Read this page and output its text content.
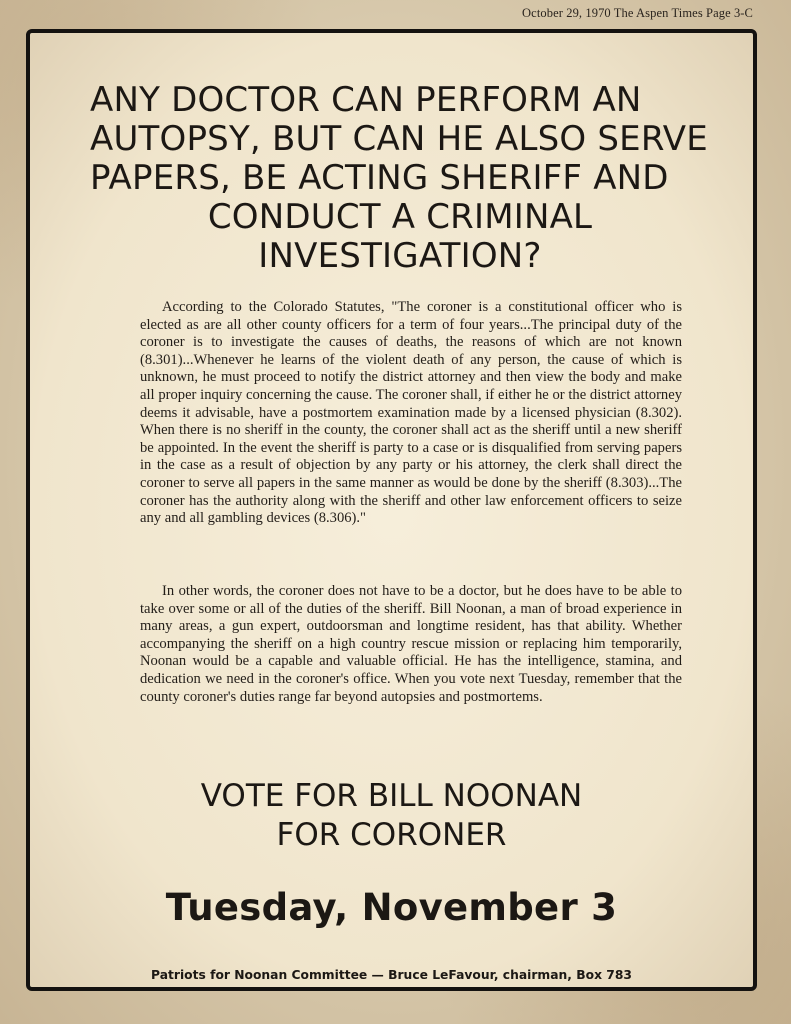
October 29, 1970 The Aspen Times Page 3-C
ANY DOCTOR CAN PERFORM AN
AUTOPSY, BUT CAN HE ALSO SERVE
PAPERS, BE ACTING SHERIFF AND
CONDUCT A CRIMINAL
INVESTIGATION?

According to the Colorado Statutes, "The coroner is a constitutional officer who is elected as are all other county officers for a term of four years...The principal duty of the coroner is to investigate the causes of deaths, the reasons of which are not known (8.301)...Whenever he learns of the violent death of any person, the cause of which is unknown, he must proceed to notify the district attorney and then view the body and make all proper inquiry concerning the cause. The coroner shall, if either he or the district attorney deems it advisable, have a postmortem examination made by a licensed physician (8.302). When there is no sheriff in the county, the coroner shall act as the sheriff until a new sheriff be appointed. In the event the sheriff is party to a case or is disqualified from serving papers in the case as a result of objection by any party or his attorney, the clerk shall direct the coroner to serve all papers in the same manner as would be done by the sheriff (8.303)...The coroner has the authority along with the sheriff and other law enforcement officers to seize any and all gambling devices (8.306)."

In other words, the coroner does not have to be a doctor, but he does have to be able to take over some or all of the duties of the sheriff. Bill Noonan, a man of broad experience in many areas, a gun expert, outdoorsman and longtime resident, has that ability. Whether accompanying the sheriff on a high country rescue mission or replacing him temporarily, Noonan would be a capable and valuable official. He has the intelligence, stamina, and dedication we need in the coroner's office. When you vote next Tuesday, remember that the county coroner's duties range far beyond autopsies and postmortems.

VOTE FOR BILL NOONAN
FOR CORONER
Tuesday, November 3
Patriots for Noonan Committee — Bruce LeFavour, chairman, Box 783
